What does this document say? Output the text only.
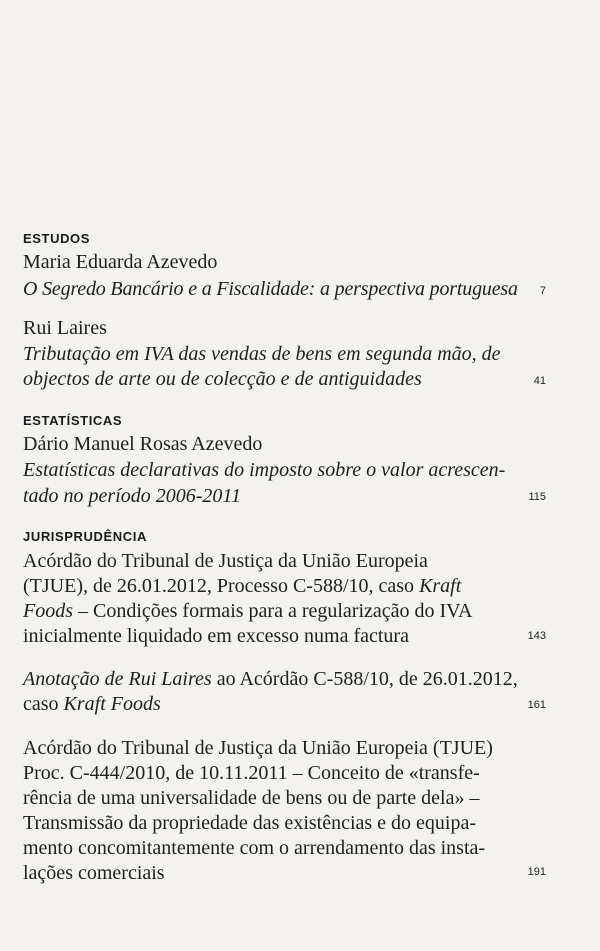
ESTUDOS
Maria Eduarda Azevedo
O Segredo Bancário e a Fiscalidade: a perspectiva portuguesa 7
Rui Laires
Tributação em IVA das vendas de bens em segunda mão, de
objectos de arte ou de colecção e de antiguidades	41
ESTATÍSTICAS
Dário Manuel Rosas Azevedo
Estatísticas declarativas do imposto sobre o valor acrescen-
tado no período 2006-2011	115
JURISPRUDÊNCIA
Acórdão do Tribunal de Justiça da União Europeia
(TJUE), de 26.01.2012, Processo C-588/10, caso Kraft
Foods – Condições formais para a regularização do IVA
inicialmente liquidado em excesso numa factura	143
Anotação de Rui Laires ao Acórdão C-588/10, de 26.01.2012,
caso Kraft Foods	161
Acórdão do Tribunal de Justiça da União Europeia (TJUE)
Proc. C-444/2010, de 10.11.2011 – Conceito de «transfe-
rência de uma universalidade de bens ou de parte dela» –
Transmissão da propriedade das existências e do equipa-
mento concomitantemente com o arrendamento das insta-
lações comerciais	191
